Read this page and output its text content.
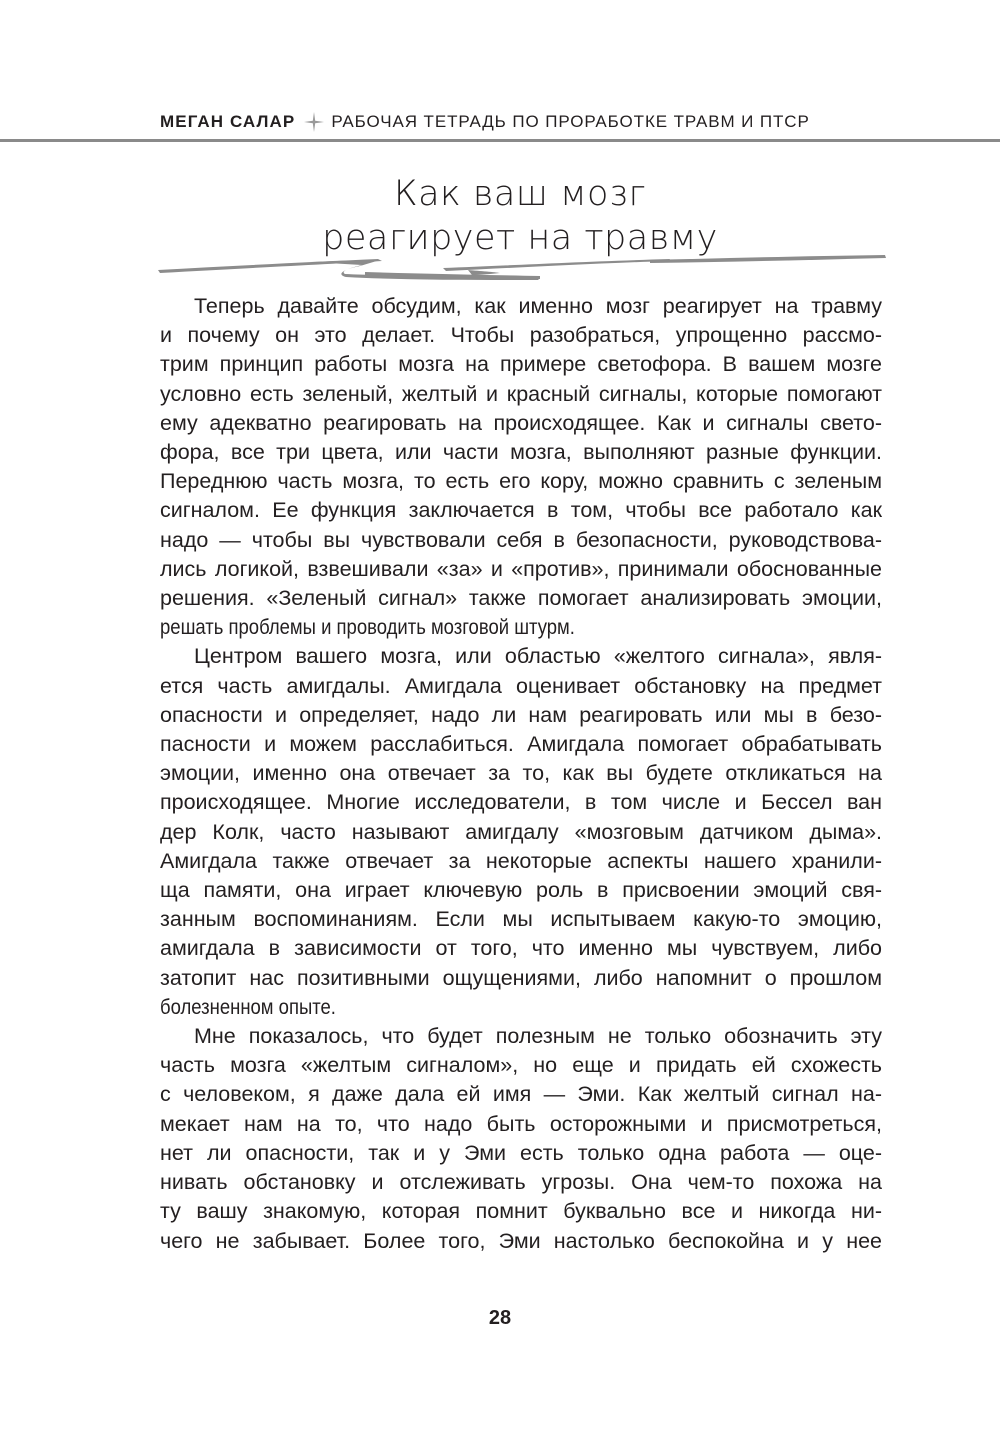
МЕГАН САЛАР РАБОЧАЯ ТЕТРАДЬ ПО ПРОРАБОТКЕ ТРАВМ И ПТСР
Как ваш мозг
реагирует на травму
Теперь давайте обсудим, как именно мозг реагирует на травму
и почему он это делает. Чтобы разобраться, упрощенно рассмо-
трим принцип работы мозга на примере светофора. В вашем мозге
условно есть зеленый, желтый и красный сигналы, которые помогают
ему адекватно реагировать на происходящее. Как и сигналы свето-
фора, все три цвета, или части мозга, выполняют разные функции.
Переднюю часть мозга, то есть его кору, можно сравнить с зеленым
сигналом. Ее функция заключается в том, чтобы все работало как
надо — чтобы вы чувствовали себя в безопасности, руководствова-
лись логикой, взвешивали «за» и «против», принимали обоснованные
решения. «Зеленый сигнал» также помогает анализировать эмоции,
решать проблемы и проводить мозговой штурм.
Центром вашего мозга, или областью «желтого сигнала», явля-
ется часть амигдалы. Амигдала оценивает обстановку на предмет
опасности и определяет, надо ли нам реагировать или мы в безо-
пасности и можем расслабиться. Амигдала помогает обрабатывать
эмоции, именно она отвечает за то, как вы будете откликаться на
происходящее. Многие исследователи, в том числе и Бессел ван
дер Колк, часто называют амигдалу «мозговым датчиком дыма».
Амигдала также отвечает за некоторые аспекты нашего хранили-
ща памяти, она играет ключевую роль в присвоении эмоций свя-
занным воспоминаниям. Если мы испытываем какую-то эмоцию,
амигдала в зависимости от того, что именно мы чувствуем, либо
затопит нас позитивными ощущениями, либо напомнит о прошлом
болезненном опыте.
Мне показалось, что будет полезным не только обозначить эту
часть мозга «желтым сигналом», но еще и придать ей схожесть
с человеком, я даже дала ей имя — Эми. Как желтый сигнал на-
мекает нам на то, что надо быть осторожными и присмотреться,
нет ли опасности, так и у Эми есть только одна работа — оце-
нивать обстановку и отслеживать угрозы. Она чем-то похожа на
ту вашу знакомую, которая помнит буквально все и никогда ни-
чего не забывает. Более того, Эми настолько беспокойна и у нее
28
